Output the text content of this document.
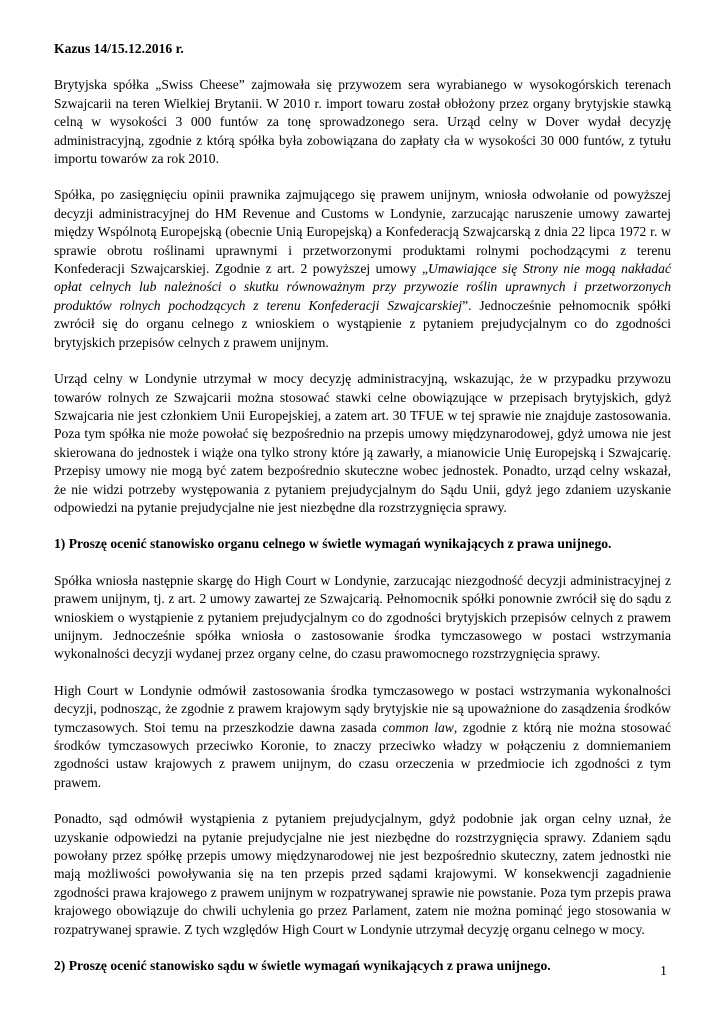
Kazus 14/15.12.2016 r.

Brytyjska spółka „Swiss Cheese” zajmowała się przywozem sera wyrabianego w wysokogórskich terenach Szwajcarii na teren Wielkiej Brytanii. W 2010 r. import towaru został obłożony przez organy brytyjskie stawką celną w wysokości 3 000 funtów za tonę sprowadzonego sera. Urząd celny w Dover wydał decyzję administracyjną, zgodnie z którą spółka była zobowiązana do zapłaty cła w wysokości 30 000 funtów, z tytułu importu towarów za rok 2010.

Spółka, po zasięgnięciu opinii prawnika zajmującego się prawem unijnym, wniosła odwołanie od powyższej decyzji administracyjnej do HM Revenue and Customs w Londynie, zarzucając naruszenie umowy zawartej między Wspólnotą Europejską (obecnie Unią Europejską) a Konfederacją Szwajcarską z dnia 22 lipca 1972 r. w sprawie obrotu roślinami uprawnymi i przetworzonymi produktami rolnymi pochodzącymi z terenu Konfederacji Szwajcarskiej. Zgodnie z art. 2 powyższej umowy „Umawiające się Strony nie mogą nakładać opłat celnych lub należności o skutku równoważnym przy przywozie roślin uprawnych i przetworzonych produktów rolnych pochodzących z terenu Konfederacji Szwajcarskiej”. Jednocześnie pełnomocnik spółki zwrócił się do organu celnego z wnioskiem o wystąpienie z pytaniem prejudycjalnym co do zgodności brytyjskich przepisów celnych z prawem unijnym.

Urząd celny w Londynie utrzymał w mocy decyzję administracyjną, wskazując, że w przypadku przywozu towarów rolnych ze Szwajcarii można stosować stawki celne obowiązujące w przepisach brytyjskich, gdyż Szwajcaria nie jest członkiem Unii Europejskiej, a zatem art. 30 TFUE w tej sprawie nie znajduje zastosowania. Poza tym spółka nie może powołać się bezpośrednio na przepis umowy międzynarodowej, gdyż umowa nie jest skierowana do jednostek i wiąże ona tylko strony które ją zawarły, a mianowicie Unię Europejską i Szwajcarię. Przepisy umowy nie mogą być zatem bezpośrednio skuteczne wobec jednostek. Ponadto, urząd celny wskazał, że nie widzi potrzeby występowania z pytaniem prejudycjalnym do Sądu Unii, gdyż jego zdaniem uzyskanie odpowiedzi na pytanie prejudycjalne nie jest niezbędne dla rozstrzygnięcia sprawy.

1) Proszę ocenić stanowisko organu celnego w świetle wymagań wynikających z prawa unijnego.

Spółka wniosła następnie skargę do High Court w Londynie, zarzucając niezgodność decyzji administracyjnej z prawem unijnym, tj. z art. 2 umowy zawartej ze Szwajcarią. Pełnomocnik spółki ponownie zwrócił się do sądu z wnioskiem o wystąpienie z pytaniem prejudycjalnym co do zgodności brytyjskich przepisów celnych z prawem unijnym. Jednocześnie spółka wniosła o zastosowanie środka tymczasowego w postaci wstrzymania wykonalności decyzji wydanej przez organy celne, do czasu prawomocnego rozstrzygnięcia sprawy.

High Court w Londynie odmówił zastosowania środka tymczasowego w postaci wstrzymania wykonalności decyzji, podnosząc, że zgodnie z prawem krajowym sądy brytyjskie nie są upoważnione do zasądzenia środków tymczasowych. Stoi temu na przeszkodzie dawna zasada common law, zgodnie z którą nie można stosować środków tymczasowych przeciwko Koronie, to znaczy przeciwko władzy w połączeniu z domniemaniem zgodności ustaw krajowych z prawem unijnym, do czasu orzeczenia w przedmiocie ich zgodności z tym prawem.

Ponadto, sąd odmówił wystąpienia z pytaniem prejudycjalnym, gdyż podobnie jak organ celny uznał, że uzyskanie odpowiedzi na pytanie prejudycjalne nie jest niezbędne do rozstrzygnięcia sprawy. Zdaniem sądu powołany przez spółkę przepis umowy międzynarodowej nie jest bezpośrednio skuteczny, zatem jednostki nie mają możliwości powoływania się na ten przepis przed sądami krajowymi. W konsekwencji zagadnienie zgodności prawa krajowego z prawem unijnym w rozpatrywanej sprawie nie powstanie. Poza tym przepis prawa krajowego obowiązuje do chwili uchylenia go przez Parlament, zatem nie można pominąć jego stosowania w rozpatrywanej sprawie. Z tych względów High Court w Londynie utrzymał decyzję organu celnego w mocy.

2) Proszę ocenić stanowisko sądu w świetle wymagań wynikających z prawa unijnego.	1
